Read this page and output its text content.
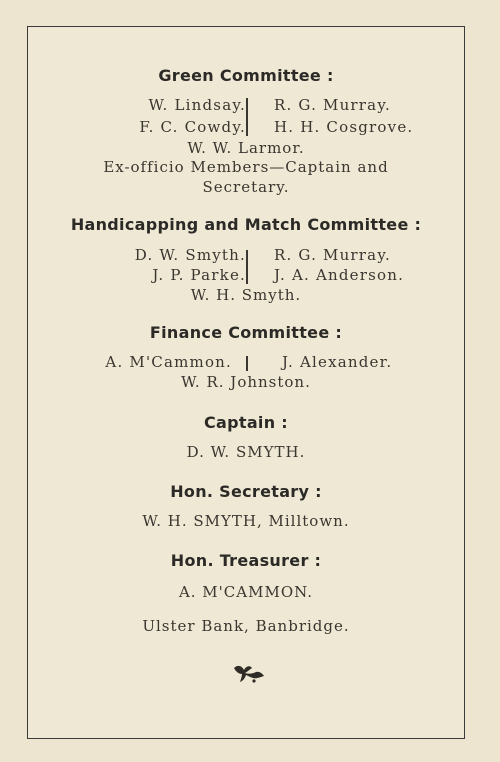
Green Committee :
W. Lindsay. R. G. Murray.
F. C. Cowdy. H. H. Cosgrove.
W. W. Larmor.
Ex-officio Members—Captain and
Secretary.
Handicapping and Match Committee :
D. W. Smyth. R. G. Murray.
J. P. Parke. J. A. Anderson.
W. H. Smyth.
Finance Committee :
A. M'Cammon.	J. Alexander.
W. R. Johnston.
Captain :
D. W. SMYTH.
Hon. Secretary :
W. H. SMYTH, Milltown.
Hon. Treasurer :
A. M'CAMMON.
Ulster Bank, Banbridge.
